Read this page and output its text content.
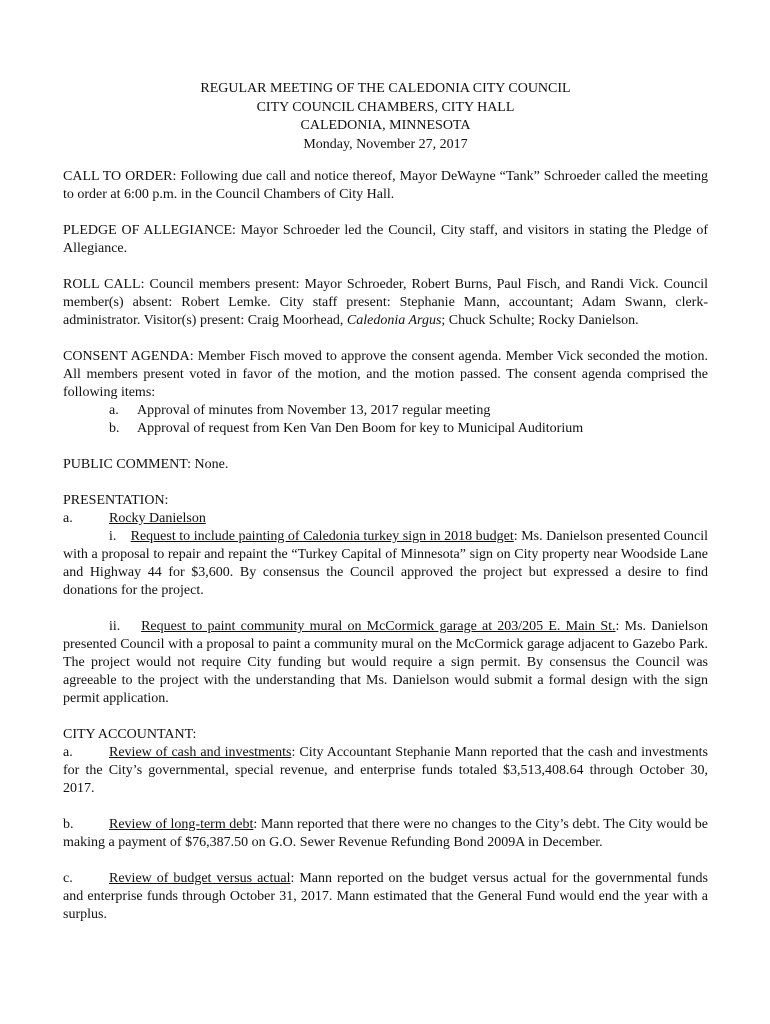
REGULAR MEETING OF THE CALEDONIA CITY COUNCIL
CITY COUNCIL CHAMBERS, CITY HALL
CALEDONIA, MINNESOTA
Monday, November 27, 2017

CALL TO ORDER: Following due call and notice thereof, Mayor DeWayne “Tank” Schroeder called the meeting to order at 6:00 p.m. in the Council Chambers of City Hall.

PLEDGE OF ALLEGIANCE: Mayor Schroeder led the Council, City staff, and visitors in stating the Pledge of Allegiance.

ROLL CALL: Council members present: Mayor Schroeder, Robert Burns, Paul Fisch, and Randi Vick. Council member(s) absent: Robert Lemke. City staff present: Stephanie Mann, accountant; Adam Swann, clerk-administrator. Visitor(s) present: Craig Moorhead, Caledonia Argus; Chuck Schulte; Rocky Danielson.

CONSENT AGENDA: Member Fisch moved to approve the consent agenda. Member Vick seconded the motion. All members present voted in favor of the motion, and the motion passed. The consent agenda comprised the following items:

a. Approval of minutes from November 13, 2017 regular meeting
b. Approval of request from Ken Van Den Boom for key to Municipal Auditorium

PUBLIC COMMENT: None.

PRESENTATION:
a.	Rocky Danielson

i. Request to include painting of Caledonia turkey sign in 2018 budget: Ms. Danielson presented Council with a proposal to repair and repaint the “Turkey Capital of Minnesota” sign on City property near Woodside Lane and Highway 44 for $3,600. By consensus the Council approved the project but expressed a desire to find donations for the project.

ii. Request to paint community mural on McCormick garage at 203/205 E. Main St.: Ms. Danielson presented Council with a proposal to paint a community mural on the McCormick garage adjacent to Gazebo Park. The project would not require City funding but would require a sign permit. By consensus the Council was agreeable to the project with the understanding that Ms. Danielson would submit a formal design with the sign permit application.

CITY ACCOUNTANT:

a.	Review of cash and investments: City Accountant Stephanie Mann reported that the cash and investments for the City’s governmental, special revenue, and enterprise funds totaled $3,513,408.64 through October 30, 2017.

b.	Review of long-term debt: Mann reported that there were no changes to the City’s debt. The City would be making a payment of $76,387.50 on G.O. Sewer Revenue Refunding Bond 2009A in December.

c.	Review of budget versus actual: Mann reported on the budget versus actual for the governmental funds and enterprise funds through October 31, 2017. Mann estimated that the General Fund would end the year with a surplus.
